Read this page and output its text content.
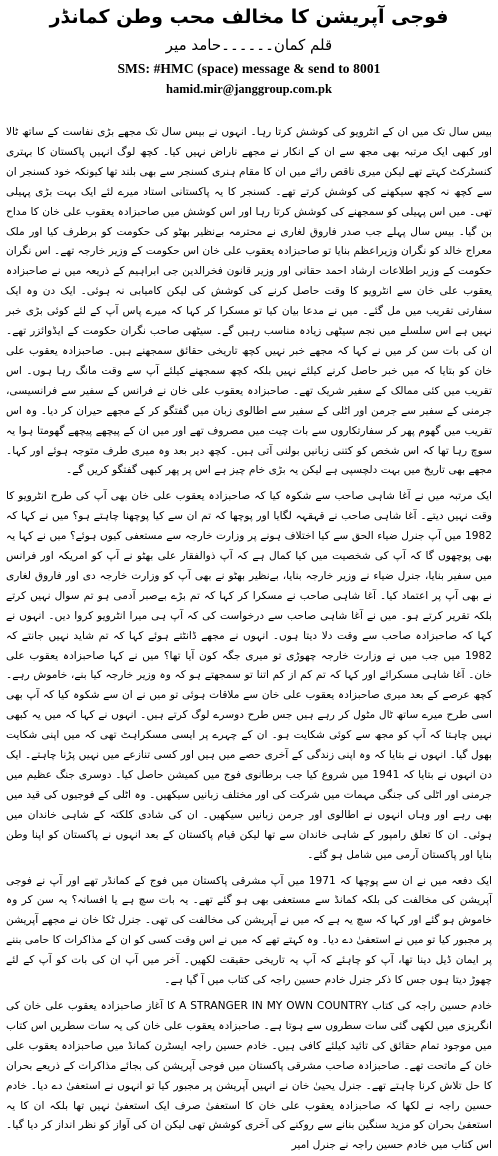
فوجی آپریشن کا مخالف محب وطن کمانڈر
قلم کمان۔۔۔۔۔۔حامد میر
SMS: #HMC (space) message & send to 8001
hamid.mir@janggroup.com.pk

بیس سال تک میں ان کے انٹرویو کی کوشش کرتا رہا۔ انہوں نے بیس سال تک مجھے بڑی نفاست کے ساتھ ٹالا اور کبھی ایک مرتبہ بھی مجھ سے ان کے انکار نے مجھے ناراض نہیں کیا۔ کچھ لوگ انہیں پاکستان کا بہتری کنسٹرکٹ کہتے تھے لیکن میری ناقص رائے میں ان کا مقام ہنری کسنجر سے بھی بلند تھا کیونکہ خود کسنجر ان سے کچھ نہ کچھ سیکھنے کی کوشش کرتے تھے۔ کسنجر کا یہ پاکستانی استاد میرے لئے ایک بہت بڑی پہیلی تھی۔ میں اس پہیلی کو سمجھنے کی کوشش کرتا رہا اور اس کوشش میں صاحبزادہ یعقوب علی خان کا مداح بن گیا۔ بیس سال پہلے جب صدر فاروق لغاری نے محترمہ بےنظیر بھٹو کی حکومت کو برطرف کیا اور ملک معراج خالد کو نگران وزیراعظم بنایا تو صاحبزادہ یعقوب علی خان اس حکومت کے وزیر خارجہ تھے۔ اس نگران حکومت کے وزیر اطلاعات ارشاد احمد حقانی اور وزیر قانون فخرالدین جی ابراہیم کے ذریعہ میں نے صاحبزادہ یعقوب علی خان سے انٹرویو کا وقت حاصل کرنے کی کوشش کی لیکن کامیابی نہ ہوئی۔ ایک دن وہ ایک سفارتی تقریب میں مل گئے۔ میں نے مدعا بیان کیا تو مسکرا کر کہا کہ میرے پاس آپ کے لئے کوئی بڑی خبر نہیں ہے اس سلسلے میں نجم سیٹھی زیادہ مناسب رہیں گے۔ سیٹھی صاحب نگران حکومت کے ایڈوائزر تھے۔ ان کی بات سن کر میں نے کہا کہ مجھے خبر نہیں کچھ تاریخی حقائق سمجھنے ہیں۔ صاحبزادہ یعقوب علی خان کو بتایا کہ میں خبر حاصل کرنے کیلئے نہیں بلکہ کچھ سمجھنے کیلئے آپ سے وقت مانگ رہا ہوں۔ اس تقریب میں کئی ممالک کے سفیر شریک تھے۔ صاحبزادہ یعقوب علی خان نے فرانس کے سفیر سے فرانسیسی، جرمنی کے سفیر سے جرمن اور اٹلی کے سفیر سے اطالوی زبان میں گفتگو کر کے مجھے حیران کر دیا۔ وہ اس تقریب میں گھوم پھر کر سفارتکاروں سے بات چیت میں مصروف تھے اور میں ان کے پیچھے پیچھے گھومتا ہوا یہ سوچ رہا تھا کہ اس شخص کو کتنی زبانیں بولنی آتی ہیں۔ کچھ دیر بعد وہ میری طرف متوجہ ہوئے اور کہا۔ مجھے بھی تاریخ میں بہت دلچسپی ہے لیکن یہ بڑی خام چیز ہے اس پر پھر کبھی گفتگو کریں گے۔

ایک مرتبہ میں نے آغا شاہی صاحب سے شکوہ کیا کہ صاحبزادہ یعقوب علی خان بھی آپ کی طرح انٹرویو کا وقت نہیں دیتے۔ آغا شاہی صاحب نے قہقہہ لگایا اور پوچھا کہ تم ان سے کیا پوچھنا چاہتے ہو؟ میں نے کہا کہ 1982 میں آپ جنرل ضیاء الحق سے کیا اختلاف ہونے پر وزارت خارجہ سے مستعفی کیوں ہوئے؟ میں نے کہا یہ بھی پوچھوں گا کہ آپ کی شخصیت میں کیا کمال ہے کہ آپ ذوالفقار علی بھٹو نے آپ کو امریکہ اور فرانس میں سفیر بنایا، جنرل ضیاء نے وزیر خارجہ بنایا، بےنظیر بھٹو نے بھی آپ کو وزارت خارجہ دی اور فاروق لغاری نے بھی آپ پر اعتماد کیا۔ آغا شاہی صاحب نے مسکرا کر کہا کہ تم بڑے بےصبر آدمی ہو تم سوال نہیں کرتے بلکہ تقریر کرتے ہو۔ میں نے آغا شاہی صاحب سے درخواست کی کہ آپ ہی میرا انٹرویو کروا دیں۔ انہوں نے کہا کہ صاحبزادہ صاحب سے وقت دلا دیتا ہوں۔ انہوں نے مجھے ڈانٹتے ہوئے کہا کہ تم شاید نہیں جانتے کہ 1982 میں جب میں نے وزارت خارجہ چھوڑی تو میری جگہ کون آیا تھا؟ میں نے کہا صاحبزادہ یعقوب علی خان۔ آغا شاہی مسکرائے اور کہا کہ تم کم از کم اتنا تو سمجھتے ہو کہ وہ وزیر خارجہ کیا بنے، خاموش رہے۔ کچھ عرصے کے بعد میری صاحبزادہ یعقوب علی خان سے ملاقات ہوئی تو میں نے ان سے شکوہ کیا کہ آپ بھی اسی طرح میرے ساتھ ٹال مٹول کر رہے ہیں جس طرح دوسرے لوگ کرتے ہیں۔ انہوں نے کہا کہ میں یہ کبھی نہیں چاہتا کہ آپ کو مجھ سے کوئی شکایت ہو۔ ان کے چہرے پر ایسی مسکراہٹ تھی کہ میں اپنی شکایت بھول گیا۔ انہوں نے بتایا کہ وہ اپنی زندگی کے آخری حصے میں ہیں اور کسی تنازعے میں نہیں پڑنا چاہتے۔ ایک دن انہوں نے بتایا کہ 1941 میں شروع کیا جب برطانوی فوج میں کمیشن حاصل کیا۔ دوسری جنگ عظیم میں جرمنی اور اٹلی کی جنگی مہمات میں شرکت کی اور مختلف زبانیں سیکھیں۔ وہ اٹلی کے فوجیوں کی قید میں بھی رہے اور وہاں انہوں نے اطالوی اور جرمن زبانیں سیکھیں۔ ان کی شادی کلکتہ کے شاہی خاندان میں ہوئی۔ ان کا تعلق رامپور کے شاہی خاندان سے تھا لیکن قیام پاکستان کے بعد انہوں نے پاکستان کو اپنا وطن بنایا اور پاکستان آرمی میں شامل ہو گئے۔

ایک دفعہ میں نے ان سے پوچھا کہ 1971 میں آپ مشرقی پاکستان میں فوج کے کمانڈر تھے اور آپ نے فوجی آپریشن کی مخالفت کی بلکہ کمانڈ سے مستعفی بھی ہو گئے تھے۔ یہ بات سچ ہے یا افسانہ؟ یہ سن کر وہ خاموش ہو گئے اور کہا کہ سچ یہ ہے کہ میں نے آپریشن کی مخالفت کی تھی۔ جنرل ٹکا خان نے مجھے آپریشن پر مجبور کیا تو میں نے استعفیٰ دے دیا۔ وہ کہتے تھے کہ میں نے اس وقت کسی کو ان کے مذاکرات کا حامی بننے پر ایمان ڈیل دینا تھا، آپ کو چاہئے کہ آپ یہ تاریخی حقیقت لکھیں۔ آخر میں آپ ان کی بات کو آپ کے لئے چھوڑ دیتا ہوں جس کا ذکر جنرل خادم حسین راجہ کی کتاب میں آ گیا ہے۔

خادم حسین راجہ کی کتاب A STRANGER IN MY OWN COUNTRY کا آغاز صاحبزادہ یعقوب علی خان کی انگریزی میں لکھی گئی سات سطروں سے ہوتا ہے۔ صاحبزادہ یعقوب علی خان کی یہ سات سطریں اس کتاب میں موجود تمام حقائق کی تائید کیلئے کافی ہیں۔ خادم حسین راجہ ایسٹرن کمانڈ میں صاحبزادہ یعقوب علی خان کے ماتحت تھے۔ صاحبزادہ صاحب مشرقی پاکستان میں فوجی آپریشن کی بجائے مذاکرات کے ذریعے بحران کا حل تلاش کرنا چاہتے تھے۔ جنرل یحییٰ خان نے انہیں آپریشن پر مجبور کیا تو انہوں نے استعفیٰ دے دیا۔ خادم حسین راجہ نے لکھا کہ صاحبزادہ یعقوب علی خان کا استعفیٰ صرف ایک استعفیٰ نہیں تھا بلکہ ان کا یہ استعفیٰ بحران کو مزید سنگین بنانے سے روکنے کی آخری کوشش تھی لیکن ان کی آواز کو نظر انداز کر دیا گیا۔ اس کتاب میں خادم حسین راجہ نے جنرل امیر
